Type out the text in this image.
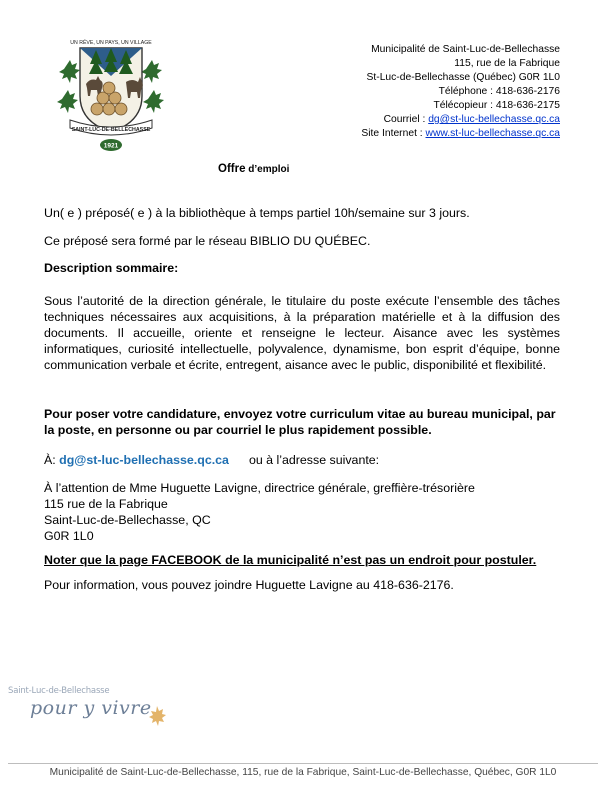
UN RÊVE, UN PAYS, UN VILLAGE
SAINT-LUC-DE-BELLECHASSE
1921
Municipalité de Saint-Luc-de-Bellechasse
115, rue de la Fabrique
St-Luc-de-Bellechasse (Québec) G0R 1L0
Téléphone : 418-636-2176
Télécopieur : 418-636-2175
Courriel : dg@st-luc-bellechasse.qc.ca
Site Internet : www.st-luc-bellechasse.qc.ca
Offre d’emploi
Un( e ) préposé( e ) à la bibliothèque à temps partiel 10h/semaine sur 3 jours.
Ce préposé sera formé par le réseau BIBLIO DU QUÉBEC.
Description sommaire:
Sous l’autorité de la direction générale, le titulaire du poste exécute l’ensemble des tâches techniques nécessaires aux acquisitions, à la préparation matérielle et à la diffusion des documents. Il accueille, oriente et renseigne le lecteur. Aisance avec les systèmes informatiques, curiosité intellectuelle, polyvalence, dynamisme, bon esprit d’équipe, bonne communication verbale et écrite, entregent, aisance avec le public, disponibilité et flexibilité.
Pour poser votre candidature, envoyez votre curriculum vitae au bureau municipal, par la poste, en personne ou par courriel le plus rapidement possible.
À: dg@st-luc-bellechasse.qc.ca ou à l’adresse suivante:
À l’attention de Mme Huguette Lavigne, directrice générale, greffière-trésorière
115 rue de la Fabrique
Saint-Luc-de-Bellechasse, QC
G0R 1L0
Noter que la page FACEBOOK de la municipalité n’est pas un endroit pour postuler.
Pour information, vous pouvez joindre Huguette Lavigne au 418-636-2176.
Saint-Luc-de-Bellechasse
pour y vivre
Municipalité de Saint-Luc-de-Bellechasse, 115, rue de la Fabrique, Saint-Luc-de-Bellechasse, Québec, G0R 1L0
